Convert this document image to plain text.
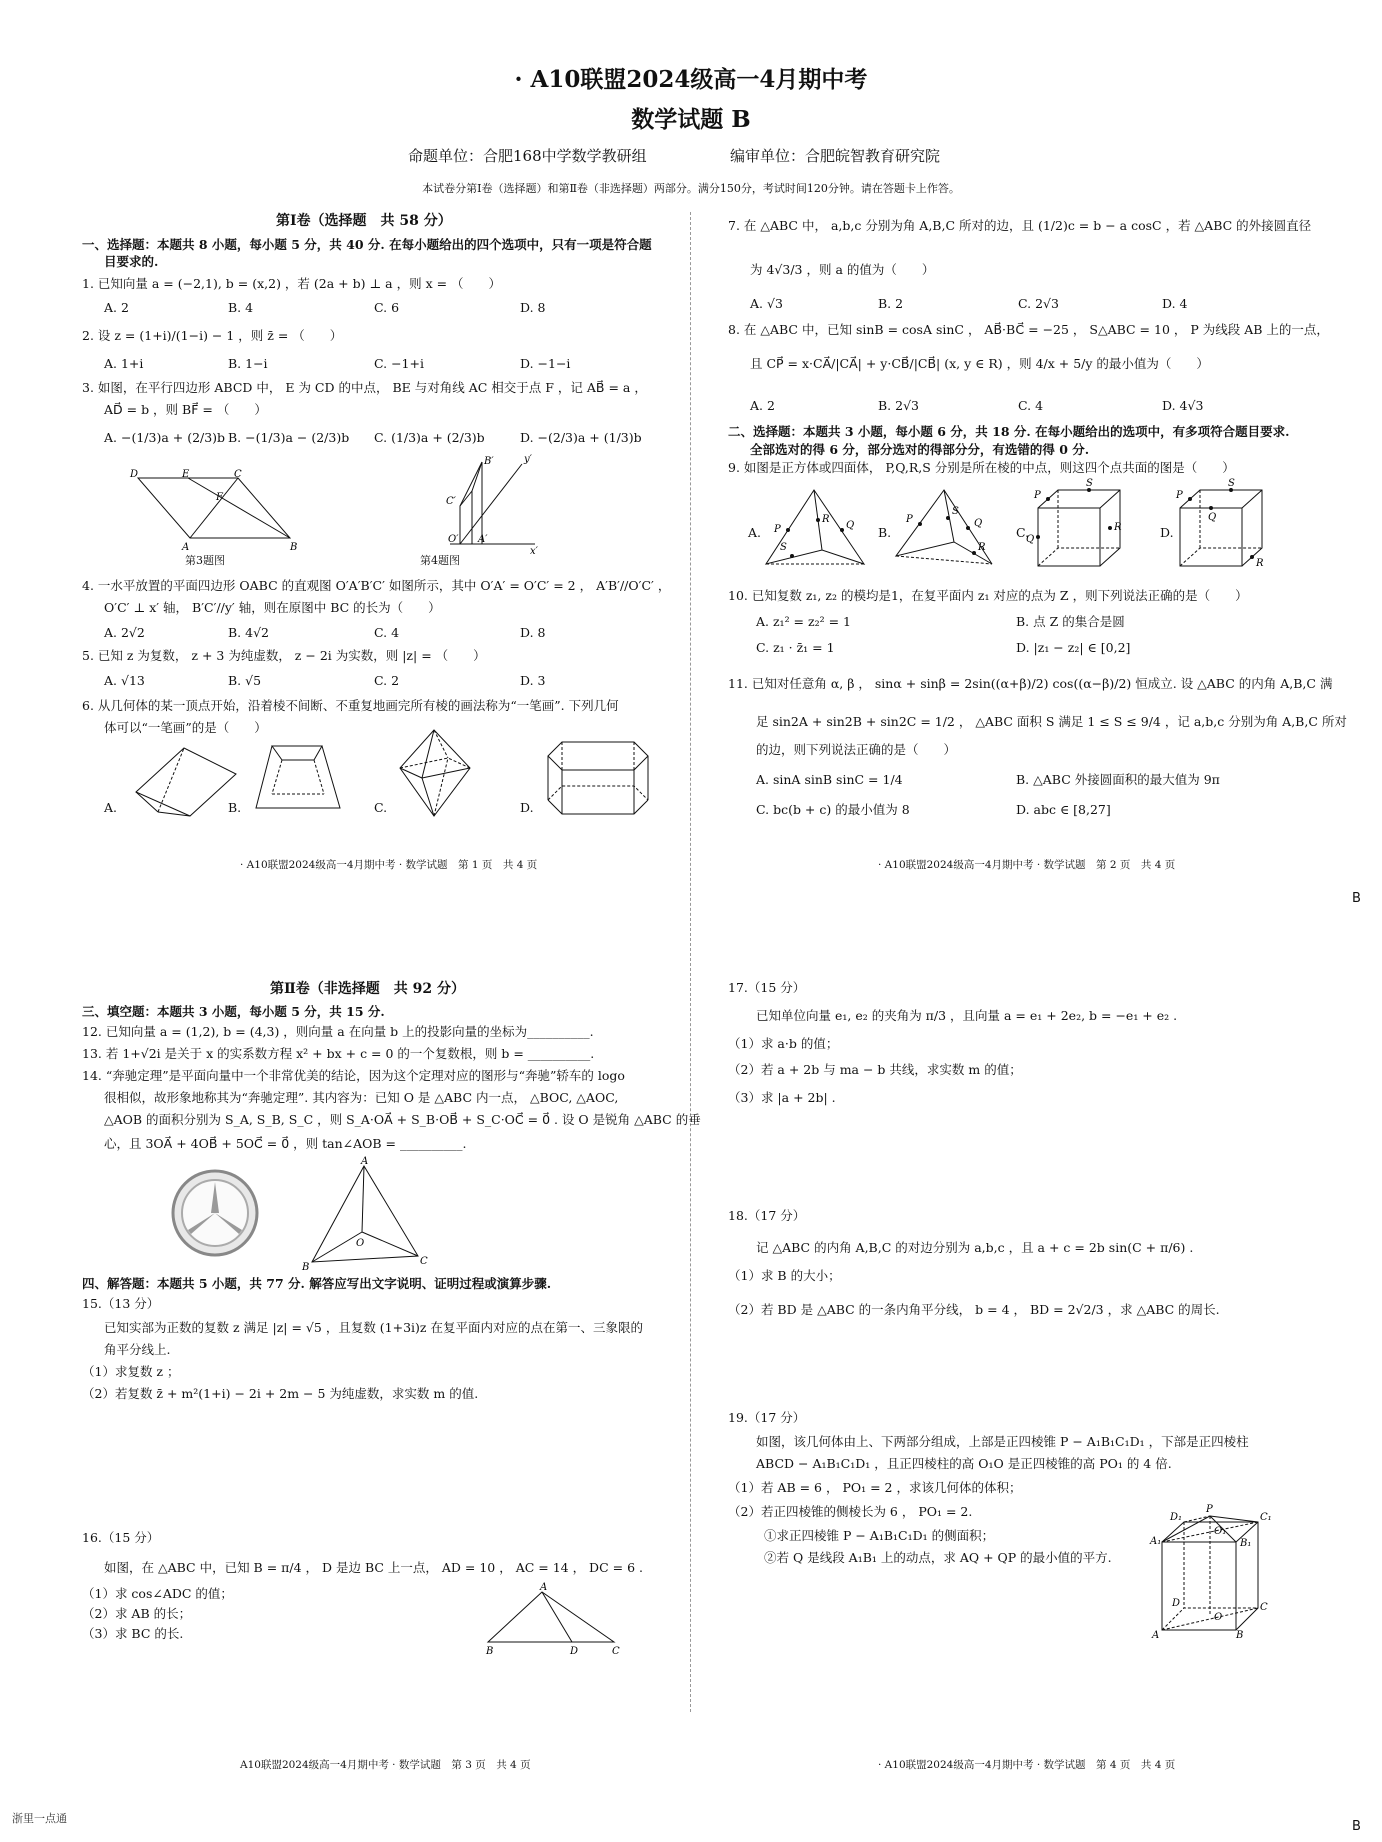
· A10联盟2024级高一4月期中考
数学试题 B
命题单位：合肥168中学数学教研组	编审单位：合肥皖智教育研究院
本试卷分第Ⅰ卷（选择题）和第Ⅱ卷（非选择题）两部分。满分150分，考试时间120分钟。请在答题卡上作答。
第Ⅰ卷（选择题　共 58 分）
一、选择题：本题共 8 小题，每小题 5 分，共 40 分. 在每小题给出的四个选项中，只有一项是符合题
目要求的.
1. 已知向量 a = (−2,1), b = (x,2) ，若 (2a + b) ⊥ a ，则 x = （　　）
A. 2	B. 4	C. 6	D. 8
2. 设 z = (1+i)/(1−i) − 1 ，则 z̄ = （　　）
A. 1+i	B. 1−i	C. −1+i	D. −1−i
3. 如图，在平行四边形 ABCD 中， E 为 CD 的中点， BE 与对角线 AC 相交于点 F ，记 AB⃗ = a ，
AD⃗ = b ，则 BF⃗ = （　　）
A. −(1/3)a + (2/3)b B. −(1/3)a − (2/3)b C. (1/3)a + (2/3)b	D. −(2/3)a + (1/3)b
D	E	C
F
A	B
第3题图
B′	y′
C′
O′ A′
x′
第4题图
4. 一水平放置的平面四边形 OABC 的直观图 O′A′B′C′ 如图所示，其中 O′A′ = O′C′ = 2 ， A′B′//O′C′ ，
O′C′ ⊥ x′ 轴， B′C′//y′ 轴，则在原图中 BC 的长为（　　）
A. 2√2	B. 4√2	C. 4	D. 8
5. 已知 z 为复数， z + 3 为纯虚数， z − 2i 为实数，则 |z| = （　　）
A. √13	B. √5	C. 2	D. 3
6. 从几何体的某一顶点开始，沿着棱不间断、不重复地画完所有棱的画法称为“一笔画”. 下列几何
体可以“一笔画”的是（　　）
A.	B.	C.	D.
· A10联盟2024级高一4月期中考 · 数学试题　第 1 页　共 4 页
7. 在 △ABC 中， a,b,c 分别为角 A,B,C 所对的边，且 (1/2)c = b − a cosC ，若 △ABC 的外接圆直径
为 4√3/3 ，则 a 的值为（　　）
A. √3	B. 2	C. 2√3	D. 4
8. 在 △ABC 中，已知 sinB = cosA sinC ， AB⃗·BC⃗ = −25 ， S△ABC = 10 ， P 为线段 AB 上的一点，
且 CP⃗ = x·CA⃗/|CA⃗| + y·CB⃗/|CB⃗| (x, y ∈ R) ，则 4/x + 5/y 的最小值为（　　）
A. 2	B. 2√3	C. 4	D. 4√3
二、选择题：本题共 3 小题，每小题 6 分，共 18 分. 在每小题给出的选项中，有多项符合题目要求.
全部选对的得 6 分，部分选对的得部分分，有选错的得 0 分.
9. 如图是正方体或四面体， P,Q,R,S 分别是所在棱的中点，则这四个点共面的图是（　　）
A. P	Q
S
R
B.
P	Q
R
S
C.
P
S
R
Q	D.
P
S
Q
R
10. 已知复数 z₁, z₂ 的模均是1，在复平面内 z₁ 对应的点为 Z ，则下列说法正确的是（　　）
A. z₁² = z₂² = 1	B. 点 Z 的集合是圆
C. z₁ · z̄₁ = 1	D. |z₁ − z₂| ∈ [0,2]
11. 已知对任意角 α, β ， sinα + sinβ = 2sin((α+β)/2) cos((α−β)/2) 恒成立. 设 △ABC 的内角 A,B,C 满
足 sin2A + sin2B + sin2C = 1/2 ， △ABC 面积 S 满足 1 ≤ S ≤ 9/4 ，记 a,b,c 分别为角 A,B,C 所对
的边，则下列说法正确的是（　　）
A. sinA sinB sinC = 1/4	B. △ABC 外接圆面积的最大值为 9π
C. bc(b + c) 的最小值为 8	D. abc ∈ [8,27]
· A10联盟2024级高一4月期中考 · 数学试题　第 2 页　共 4 页
B
第Ⅱ卷（非选择题　共 92 分）
三、填空题：本题共 3 小题，每小题 5 分，共 15 分.
12. 已知向量 a = (1,2), b = (4,3) ，则向量 a 在向量 b 上的投影向量的坐标为__________.
13. 若 1+√2i 是关于 x 的实系数方程 x² + bx + c = 0 的一个复数根，则 b = __________.
14. “奔驰定理”是平面向量中一个非常优美的结论，因为这个定理对应的图形与“奔驰”轿车的 logo
很相似，故形象地称其为“奔驰定理”. 其内容为：已知 O 是 △ABC 内一点， △BOC, △AOC,
△AOB 的面积分别为 S_A, S_B, S_C ，则 S_A·OA⃗ + S_B·OB⃗ + S_C·OC⃗ = 0⃗ . 设 O 是锐角 △ABC 的垂
心，且 3OA⃗ + 4OB⃗ + 5OC⃗ = 0⃗ ，则 tan∠AOB = __________.
A
B
C
O
四、解答题：本题共 5 小题，共 77 分. 解答应写出文字说明、证明过程或演算步骤.
15.（13 分）
已知实部为正数的复数 z 满足 |z| = √5 ，且复数 (1+3i)z 在复平面内对应的点在第一、三象限的
角平分线上.
（1）求复数 z ；
（2）若复数 z̄ + m²(1+i) − 2i + 2m − 5 为纯虚数，求实数 m 的值.
16.（15 分）
如图，在 △ABC 中，已知 B = π/4 ， D 是边 BC 上一点， AD = 10 ， AC = 14 ， DC = 6 .
（1）求 cos∠ADC 的值；
（2）求 AB 的长；
（3）求 BC 的长.
A
B	D	C
A10联盟2024级高一4月期中考 · 数学试题　第 3 页　共 4 页
17.（15 分）
已知单位向量 e₁, e₂ 的夹角为 π/3 ，且向量 a = e₁ + 2e₂, b = −e₁ + e₂ .
（1）求 a·b 的值；
（2）若 a + 2b 与 ma − b 共线，求实数 m 的值；
（3）求 |a + 2b| .
18.（17 分）
记 △ABC 的内角 A,B,C 的对边分别为 a,b,c ，且 a + c = 2b sin(C + π/6) .
（1）求 B 的大小；
（2）若 BD 是 △ABC 的一条内角平分线， b = 4 ， BD = 2√2/3 ，求 △ABC 的周长.
19.（17 分）
如图，该几何体由上、下两部分组成，上部是正四棱锥 P − A₁B₁C₁D₁ ，下部是正四棱柱
ABCD − A₁B₁C₁D₁ ，且正四棱柱的高 O₁O 是正四棱锥的高 PO₁ 的 4 倍.
（1）若 AB = 6 ， PO₁ = 2 ，求该几何体的体积；
（2）若正四棱锥的侧棱长为 6 ， PO₁ = 2.
①求正四棱锥 P − A₁B₁C₁D₁ 的侧面积；
②若 Q 是线段 A₁B₁ 上的动点，求 AQ + QP 的最小值的平方.
D₁
P
C₁
A₁
O₁
B₁
D
O
C
A	B
· A10联盟2024级高一4月期中考 · 数学试题　第 4 页　共 4 页
B
浙里一点通
